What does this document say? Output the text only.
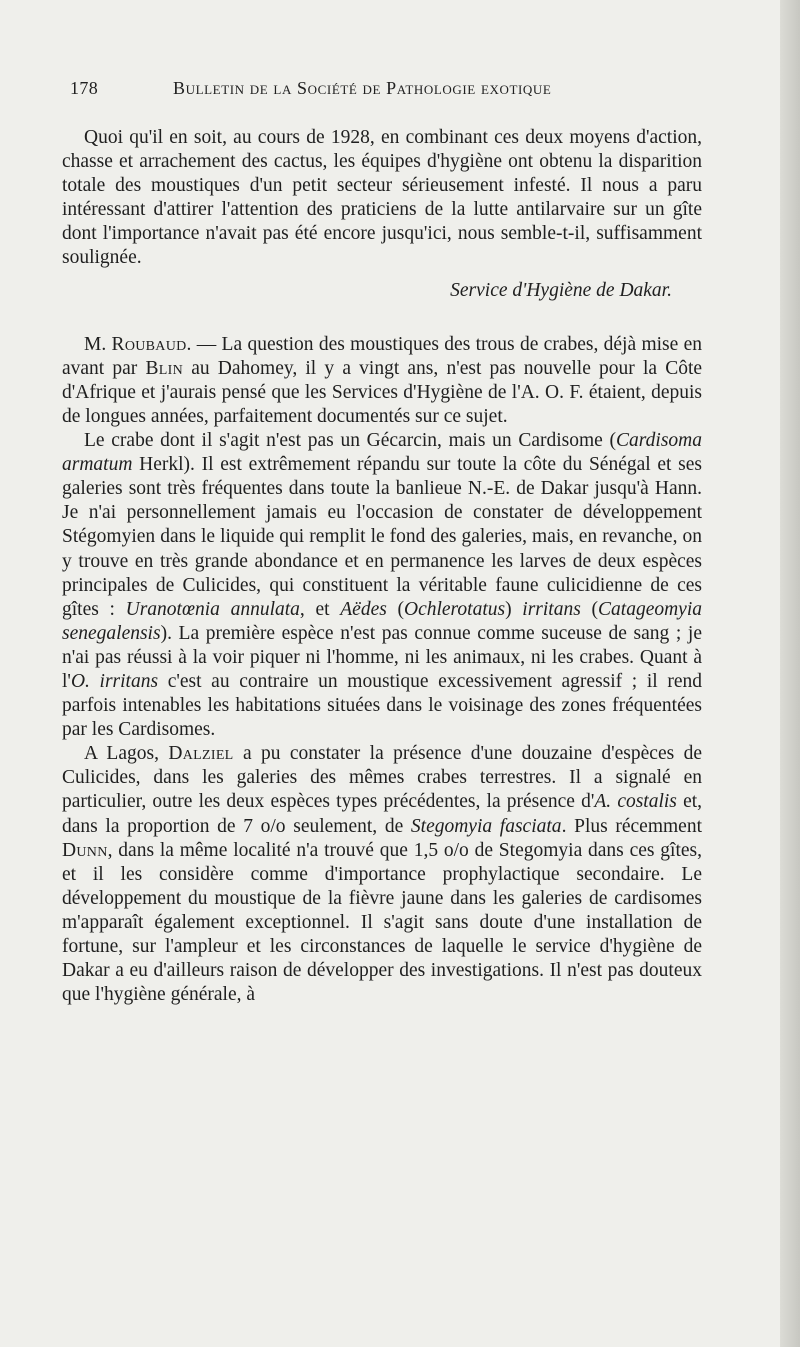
178	Bulletin de la Société de Pathologie exotique

Quoi qu'il en soit, au cours de 1928, en combinant ces deux moyens d'action, chasse et arrachement des cactus, les équipes d'hygiène ont obtenu la disparition totale des moustiques d'un petit secteur sérieusement infesté. Il nous a paru intéressant d'attirer l'attention des praticiens de la lutte antilarvaire sur un gîte dont l'importance n'avait pas été encore jusqu'ici, nous semble-t-il, suffisamment soulignée.

Service d'Hygiène de Dakar.

M. Roubaud. — La question des moustiques des trous de crabes, déjà mise en avant par Blin au Dahomey, il y a vingt ans, n'est pas nouvelle pour la Côte d'Afrique et j'aurais pensé que les Services d'Hygiène de l'A. O. F. étaient, depuis de longues années, parfaitement documentés sur ce sujet.

Le crabe dont il s'agit n'est pas un Gécarcin, mais un Cardisome (Cardisoma armatum Herkl). Il est extrêmement répandu sur toute la côte du Sénégal et ses galeries sont très fréquentes dans toute la banlieue N.-E. de Dakar jusqu'à Hann. Je n'ai personnellement jamais eu l'occasion de constater de développement Stégomyien dans le liquide qui remplit le fond des galeries, mais, en revanche, on y trouve en très grande abondance et en permanence les larves de deux espèces principales de Culicides, qui constituent la véritable faune culicidienne de ces gîtes : Uranotœnia annulata, et Aëdes (Ochlerotatus) irritans (Catageomyia senegalensis). La première espèce n'est pas connue comme suceuse de sang ; je n'ai pas réussi à la voir piquer ni l'homme, ni les animaux, ni les crabes. Quant à l'O. irritans c'est au contraire un moustique excessivement agressif ; il rend parfois intenables les habitations situées dans le voisinage des zones fréquentées par les Cardisomes.

A Lagos, Dalziel a pu constater la présence d'une douzaine d'espèces de Culicides, dans les galeries des mêmes crabes terrestres. Il a signalé en particulier, outre les deux espèces types précédentes, la présence d'A. costalis et, dans la proportion de 7 o/o seulement, de Stegomyia fasciata. Plus récemment Dunn, dans la même localité n'a trouvé que 1,5 o/o de Stegomyia dans ces gîtes, et il les considère comme d'importance prophylactique secondaire. Le développement du moustique de la fièvre jaune dans les galeries de cardisomes m'apparaît également exceptionnel. Il s'agit sans doute d'une installation de fortune, sur l'ampleur et les circonstances de laquelle le service d'hygiène de Dakar a eu d'ailleurs raison de développer des investigations. Il n'est pas douteux que l'hygiène générale, à
